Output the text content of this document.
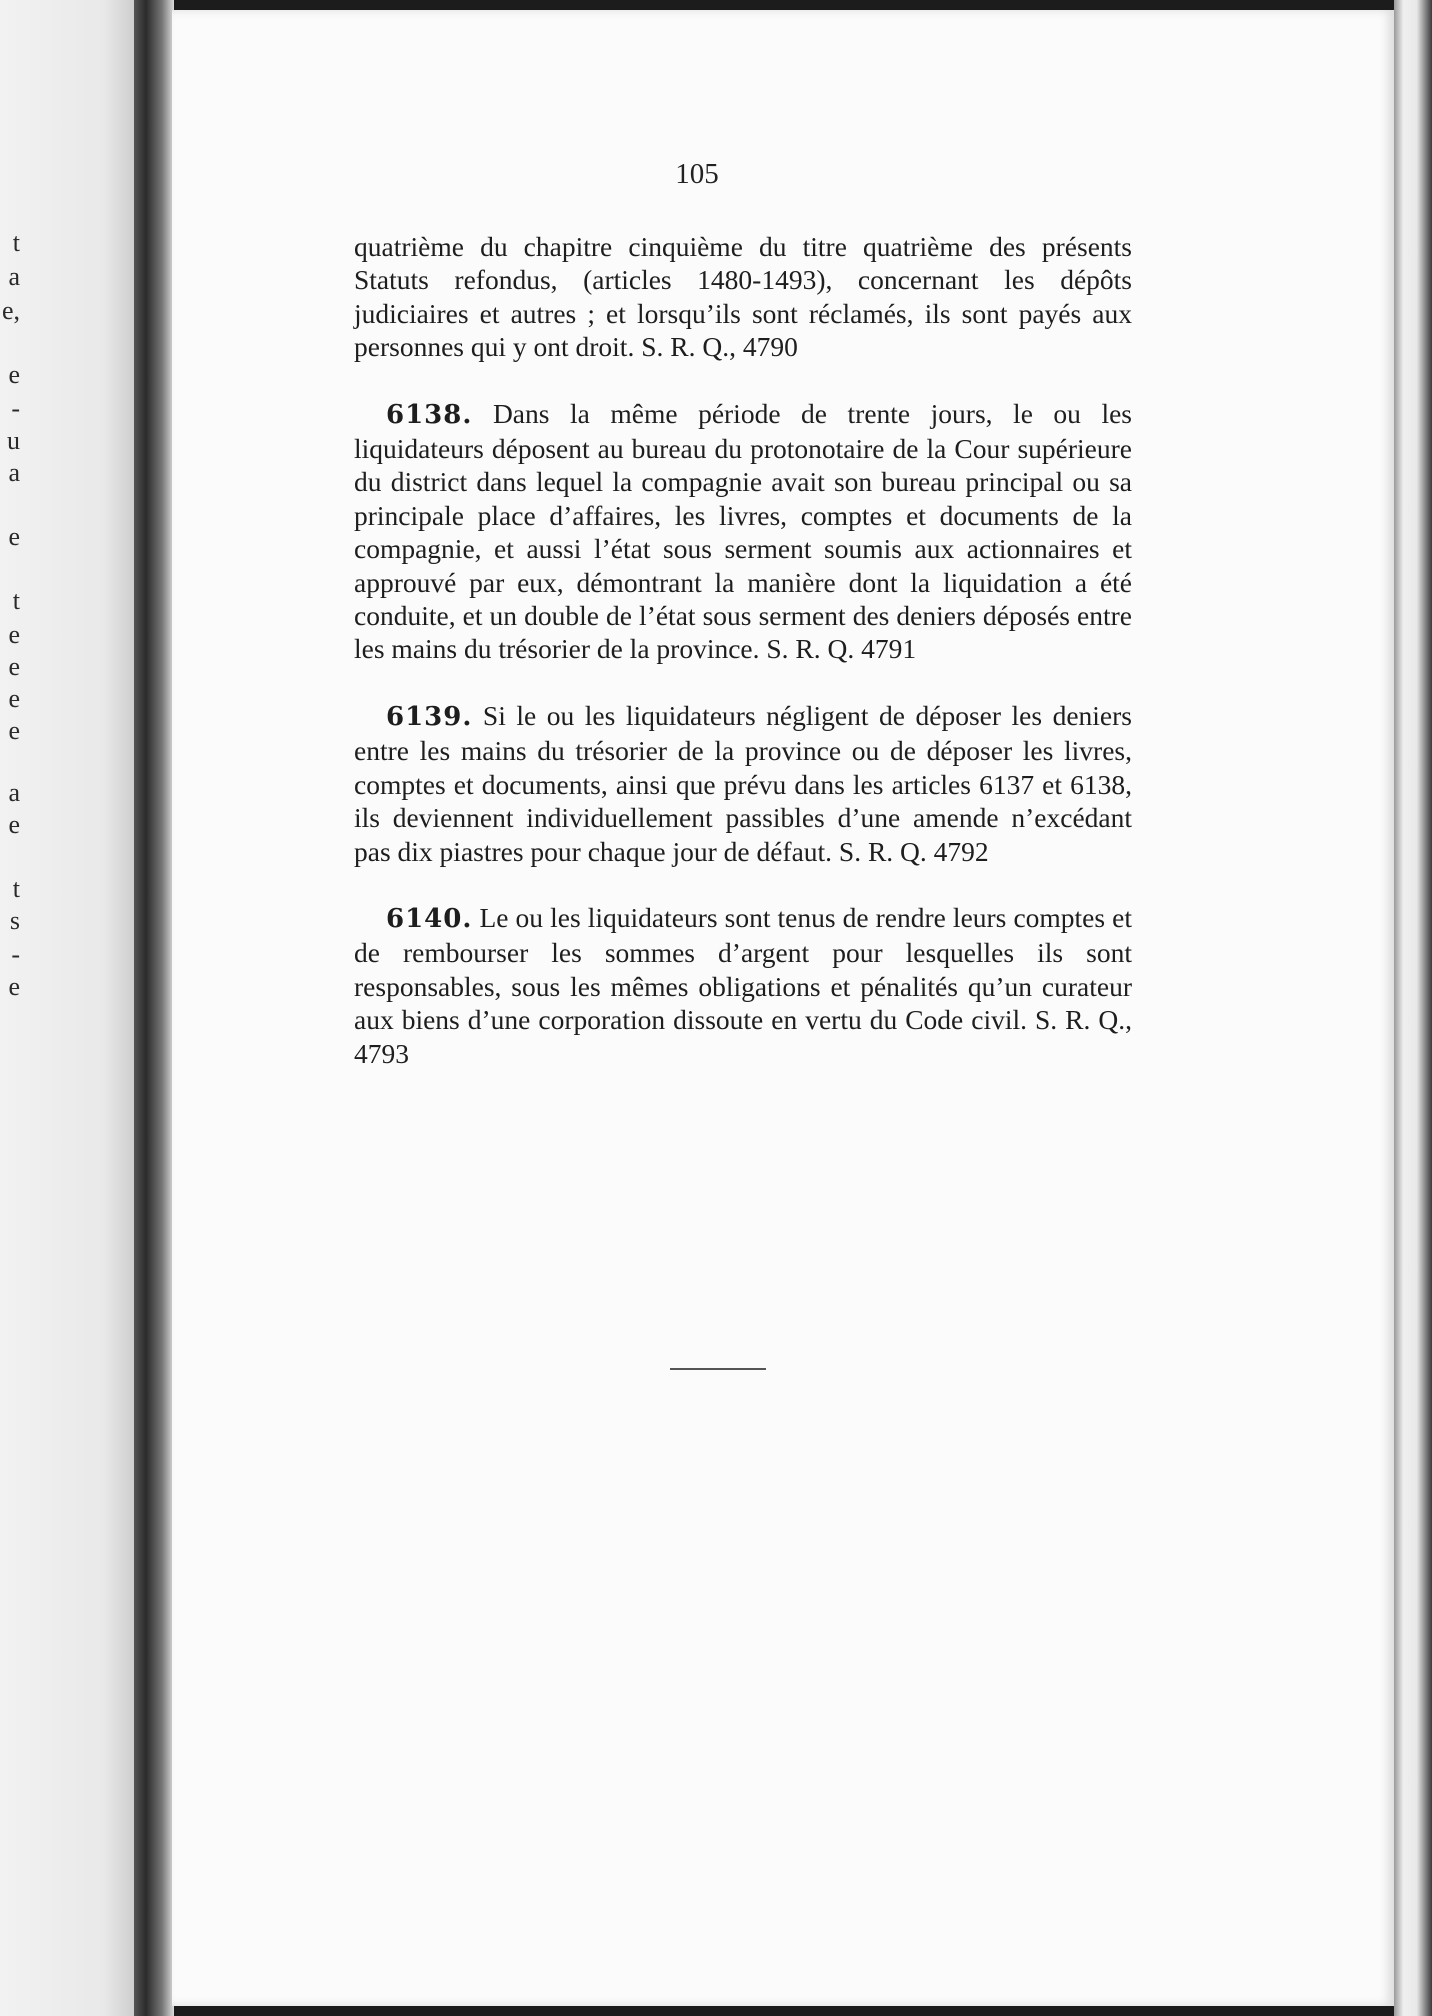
t
a
e,
e
-
u
a
e
t
e
e
e
e
a
e
t
s
-
e
105

quatrième du chapitre cinquième du titre quatrième des présents Statuts refondus, (articles 1480-1493), concernant les dépôts judiciaires et autres ; et lorsqu’ils sont réclamés, ils sont payés aux personnes qui y ont droit. S. R. Q., 4790

6138. Dans la même période de trente jours, le ou les liquidateurs déposent au bureau du protonotaire de la Cour supérieure du district dans lequel la compagnie avait son bureau principal ou sa principale place d’affaires, les livres, comptes et documents de la compagnie, et aussi l’état sous serment soumis aux actionnaires et approuvé par eux, démontrant la manière dont la liquidation a été conduite, et un double de l’état sous serment des deniers déposés entre les mains du trésorier de la province. S. R. Q. 4791

6139. Si le ou les liquidateurs négligent de déposer les deniers entre les mains du trésorier de la province ou de déposer les livres, comptes et documents, ainsi que prévu dans les articles 6137 et 6138, ils deviennent individuellement passibles d’une amende n’excédant pas dix piastres pour chaque jour de défaut. S. R. Q. 4792

6140. Le ou les liquidateurs sont tenus de rendre leurs comptes et de rembourser les sommes d’argent pour lesquelles ils sont responsables, sous les mêmes obligations et pénalités qu’un curateur aux biens d’une corporation dissoute en vertu du Code civil. S. R. Q., 4793
